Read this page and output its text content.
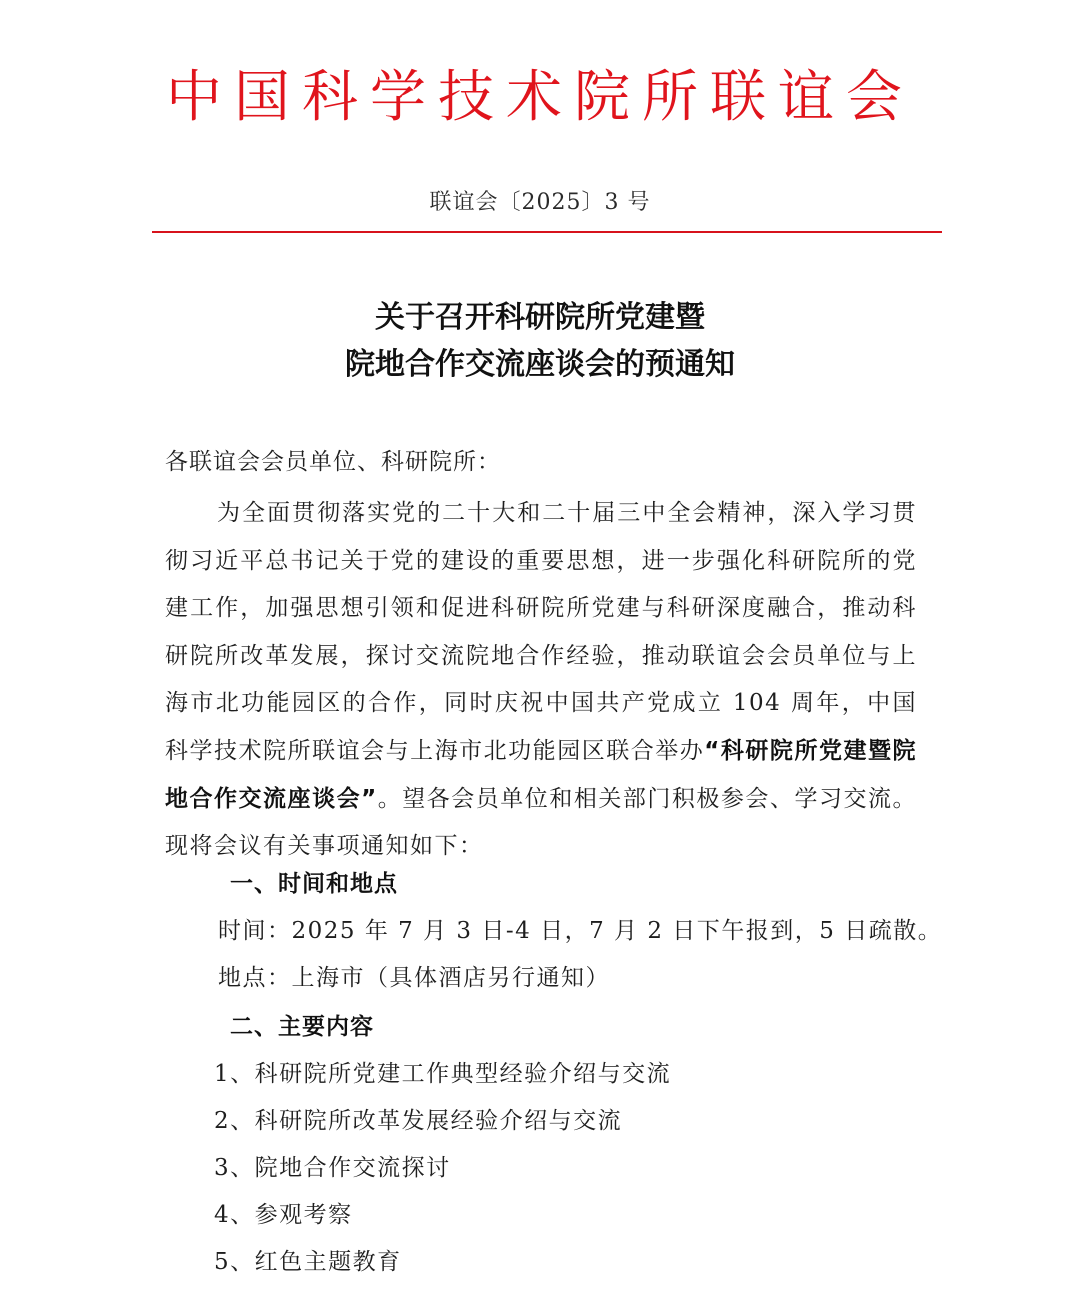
中国科学技术院所联谊会
联谊会〔2025〕3 号
关于召开科研院所党建暨
院地合作交流座谈会的预通知
各联谊会会员单位、科研院所：
为全面贯彻落实党的二十大和二十届三中全会精神，深入学习贯彻习近平总书记关于党的建设的重要思想，进一步强化科研院所的党建工作，加强思想引领和促进科研院所党建与科研深度融合，推动科研院所改革发展，探讨交流院地合作经验，推动联谊会会员单位与上海市北功能园区的合作，同时庆祝中国共产党成立 104 周年，中国科学技术院所联谊会与上海市北功能园区联合举办“科研院所党建暨院地合作交流座谈会”。望各会员单位和相关部门积极参会、学习交流。现将会议有关事项通知如下：
一、时间和地点
时间：2025 年 7 月 3 日-4 日，7 月 2 日下午报到，5 日疏散。
地点：上海市（具体酒店另行通知）
二、主要内容
1、科研院所党建工作典型经验介绍与交流
2、科研院所改革发展经验介绍与交流
3、院地合作交流探讨
4、参观考察
5、红色主题教育
